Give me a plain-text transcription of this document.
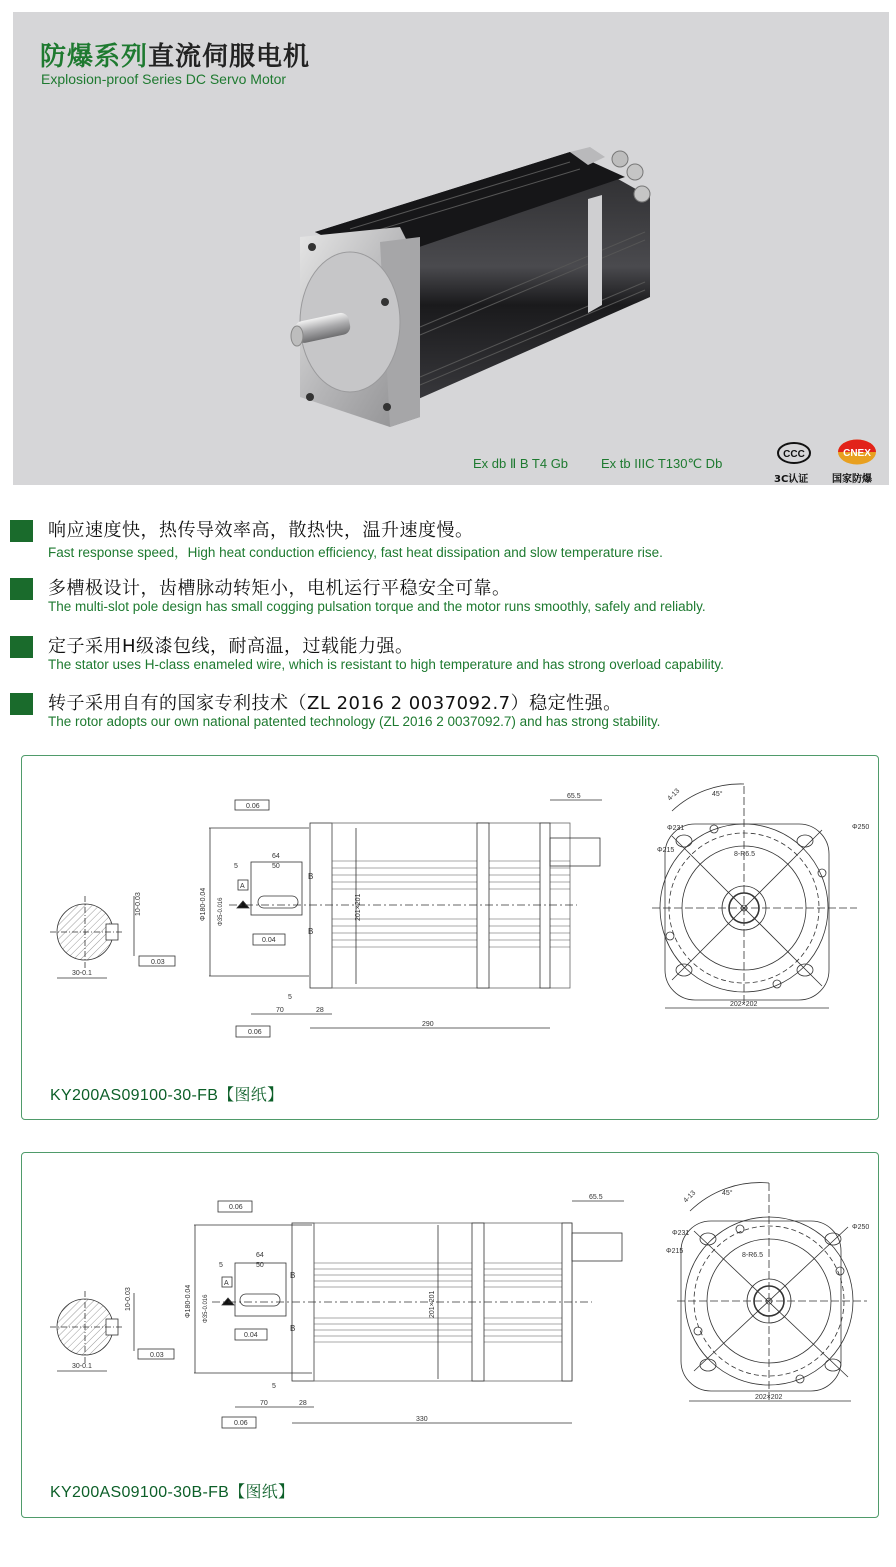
防爆系列直流伺服电机
Explosion-proof Series DC Servo Motor
Ex db Ⅱ B T4 Gb	Ex tb IIIC T130℃ Db
CCC
3C认证
CNEX
国家防爆
响应速度快，热传导效率高，散热快，温升速度慢。
Fast response speed，High heat conduction efficiency, fast heat dissipation and slow temperature rise.
多槽极设计，齿槽脉动转矩小，电机运行平稳安全可靠。
The multi-slot pole design has small cogging pulsation torque and the motor runs smoothly, safely and reliably.
定子采用H级漆包线，耐高温，过载能力强。
The stator uses H-class enameled wire, which is resistant to high temperature and has strong overload capability.
转子采用自有的国家专利技术（ZL 2016 2 0037092.7）稳定性强。
The rotor adopts our own national patented technology (ZL 2016 2 0037092.7) and has strong stability.
30-0.1
10-0.03
0.03
0.06
Φ180-0.04
64
50
5
A
Φ35-0.016
0.04
B
B
201×201
65.5
5
70	28
290
0.06
202×202
Φ231
Φ215
8-R6.5
Φ250
45°
4-13
KY200AS09100-30-FB【图纸】
30-0.1
10-0.03
0.03
0.06
Φ180-0.04
64
50
5
A
Φ35-0.016
0.04
B
B
201×201
65.5
5
70	28
330
0.06
202×202
Φ231
Φ215
8-R6.5
Φ250
45°
4-13
KY200AS09100-30B-FB【图纸】
